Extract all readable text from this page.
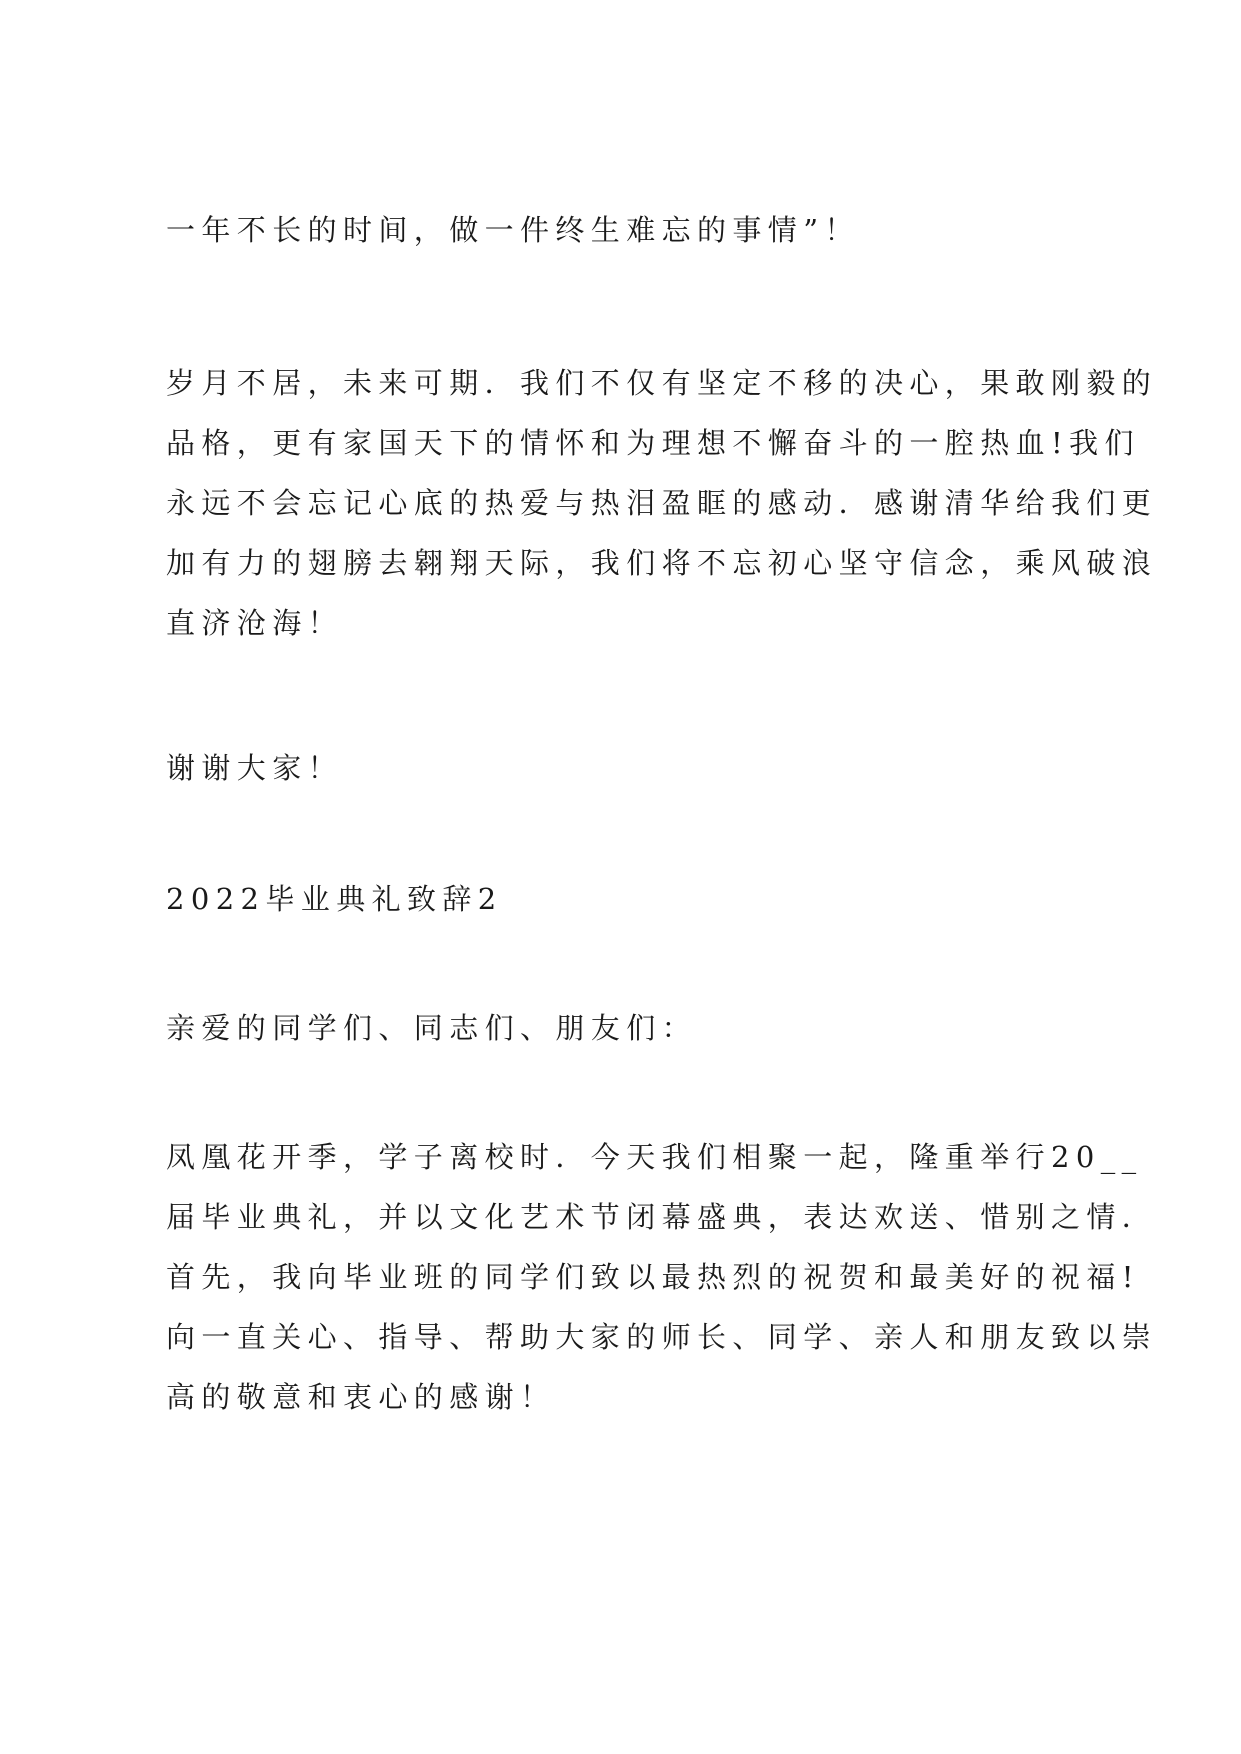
一年不长的时间，做一件终生难忘的事情”！
岁月不居，未来可期．我们不仅有坚定不移的决心，果敢刚毅的
品格，更有家国天下的情怀和为理想不懈奋斗的一腔热血!我们
永远不会忘记心底的热爱与热泪盈眶的感动．感谢清华给我们更
加有力的翅膀去翱翔天际，我们将不忘初心坚守信念，乘风破浪
直济沧海！
谢谢大家！
2022毕业典礼致辞2
亲爱的同学们、同志们、朋友们：
凤凰花开季，学子离校时．今天我们相聚一起，隆重举行20__
届毕业典礼，并以文化艺术节闭幕盛典，表达欢送、惜别之情．
首先，我向毕业班的同学们致以最热烈的祝贺和最美好的祝福!
向一直关心、指导、帮助大家的师长、同学、亲人和朋友致以崇
高的敬意和衷心的感谢！
